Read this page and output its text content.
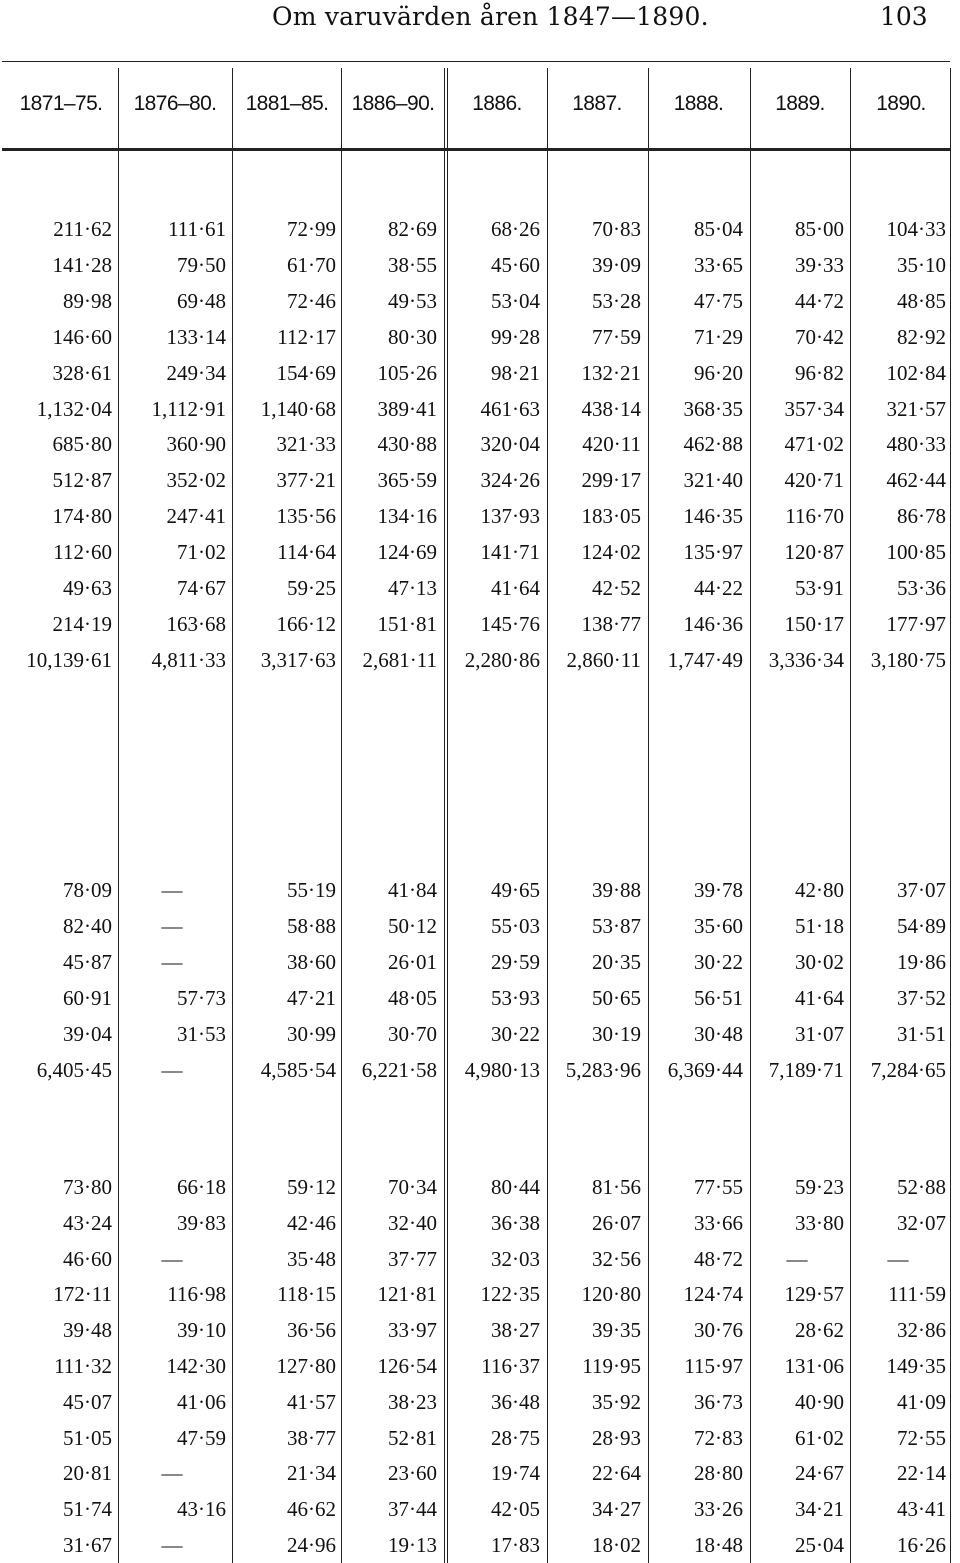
Om varuvärden åren 1847—1890.	103
1871–75.	1876–80.	1881–85.	1886–90.	1886.	1887.	1888.	1889.	1890.
211·62	111·61	72·99	82·69	68·26	70·83	85·04	85·00	104·33
141·28	79·50	61·70	38·55	45·60	39·09	33·65	39·33	35·10
89·98	69·48	72·46	49·53	53·04	53·28	47·75	44·72	48·85
146·60	133·14	112·17	80·30	99·28	77·59	71·29	70·42	82·92
328·61	249·34	154·69	105·26	98·21	132·21	96·20	96·82	102·84
1,132·04	1,112·91	1,140·68	389·41	461·63	438·14	368·35	357·34	321·57
685·80	360·90	321·33	430·88	320·04	420·11	462·88	471·02	480·33
512·87	352·02	377·21	365·59	324·26	299·17	321·40	420·71	462·44
174·80	247·41	135·56	134·16	137·93	183·05	146·35	116·70	86·78
112·60	71·02	114·64	124·69	141·71	124·02	135·97	120·87	100·85
49·63	74·67	59·25	47·13	41·64	42·52	44·22	53·91	53·36
214·19	163·68	166·12	151·81	145·76	138·77	146·36	150·17	177·97
10,139·61	4,811·33	3,317·63	2,681·11	2,280·86	2,860·11	1,747·49	3,336·34	3,180·75
78·09	—	55·19	41·84	49·65	39·88	39·78	42·80	37·07
82·40	—	58·88	50·12	55·03	53·87	35·60	51·18	54·89
45·87	—	38·60	26·01	29·59	20·35	30·22	30·02	19·86
60·91	57·73	47·21	48·05	53·93	50·65	56·51	41·64	37·52
39·04	31·53	30·99	30·70	30·22	30·19	30·48	31·07	31·51
6,405·45	—	4,585·54	6,221·58	4,980·13	5,283·96	6,369·44	7,189·71	7,284·65
73·80	66·18	59·12	70·34	80·44	81·56	77·55	59·23	52·88
43·24	39·83	42·46	32·40	36·38	26·07	33·66	33·80	32·07
46·60	—	35·48	37·77	32·03	32·56	48·72	—	—
172·11	116·98	118·15	121·81	122·35	120·80	124·74	129·57	111·59
39·48	39·10	36·56	33·97	38·27	39·35	30·76	28·62	32·86
111·32	142·30	127·80	126·54	116·37	119·95	115·97	131·06	149·35
45·07	41·06	41·57	38·23	36·48	35·92	36·73	40·90	41·09
51·05	47·59	38·77	52·81	28·75	28·93	72·83	61·02	72·55
20·81	—	21·34	23·60	19·74	22·64	28·80	24·67	22·14
51·74	43·16	46·62	37·44	42·05	34·27	33·26	34·21	43·41
31·67	—	24·96	19·13	17·83	18·02	18·48	25·04	16·26
